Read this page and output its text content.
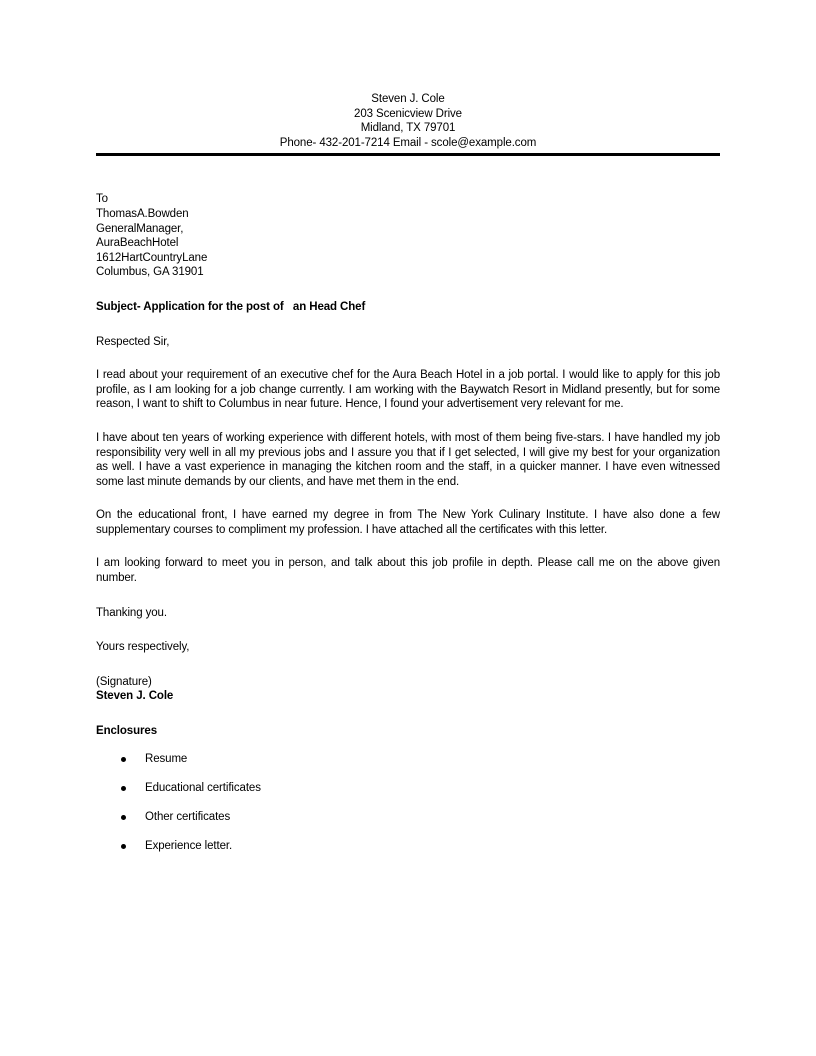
Steven J. Cole
203 Scenicview Drive
Midland, TX 79701
Phone- 432-201-7214 Email - scole@example.com
To
ThomasA.Bowden
GeneralManager,
AuraBeachHotel
1612HartCountryLane
Columbus, GA 31901
Subject- Application for the post of   an Head Chef
Respected Sir,
I read about your requirement of an executive chef for the Aura Beach Hotel in a job portal. I would like to apply for this job profile, as I am looking for a job change currently. I am working with the Baywatch Resort in Midland presently, but for some reason, I want to shift to Columbus in near future. Hence, I found your advertisement very relevant for me.
I have about ten years of working experience with different hotels, with most of them being five-stars. I have handled my job responsibility very well in all my previous jobs and I assure you that if I get selected, I will give my best for your organization as well. I have a vast experience in managing the kitchen room and the staff, in a quicker manner. I have even witnessed some last minute demands by our clients, and have met them in the end.
On the educational front, I have earned my degree in from The New York Culinary Institute. I have also done a few supplementary courses to compliment my profession. I have attached all the certificates with this letter.
I am looking forward to meet you in person, and talk about this job profile in depth. Please call me on the above given number.
Thanking you.
Yours respectively,
(Signature)
Steven J. Cole
Enclosures
Resume
Educational certificates
Other certificates
Experience letter.
